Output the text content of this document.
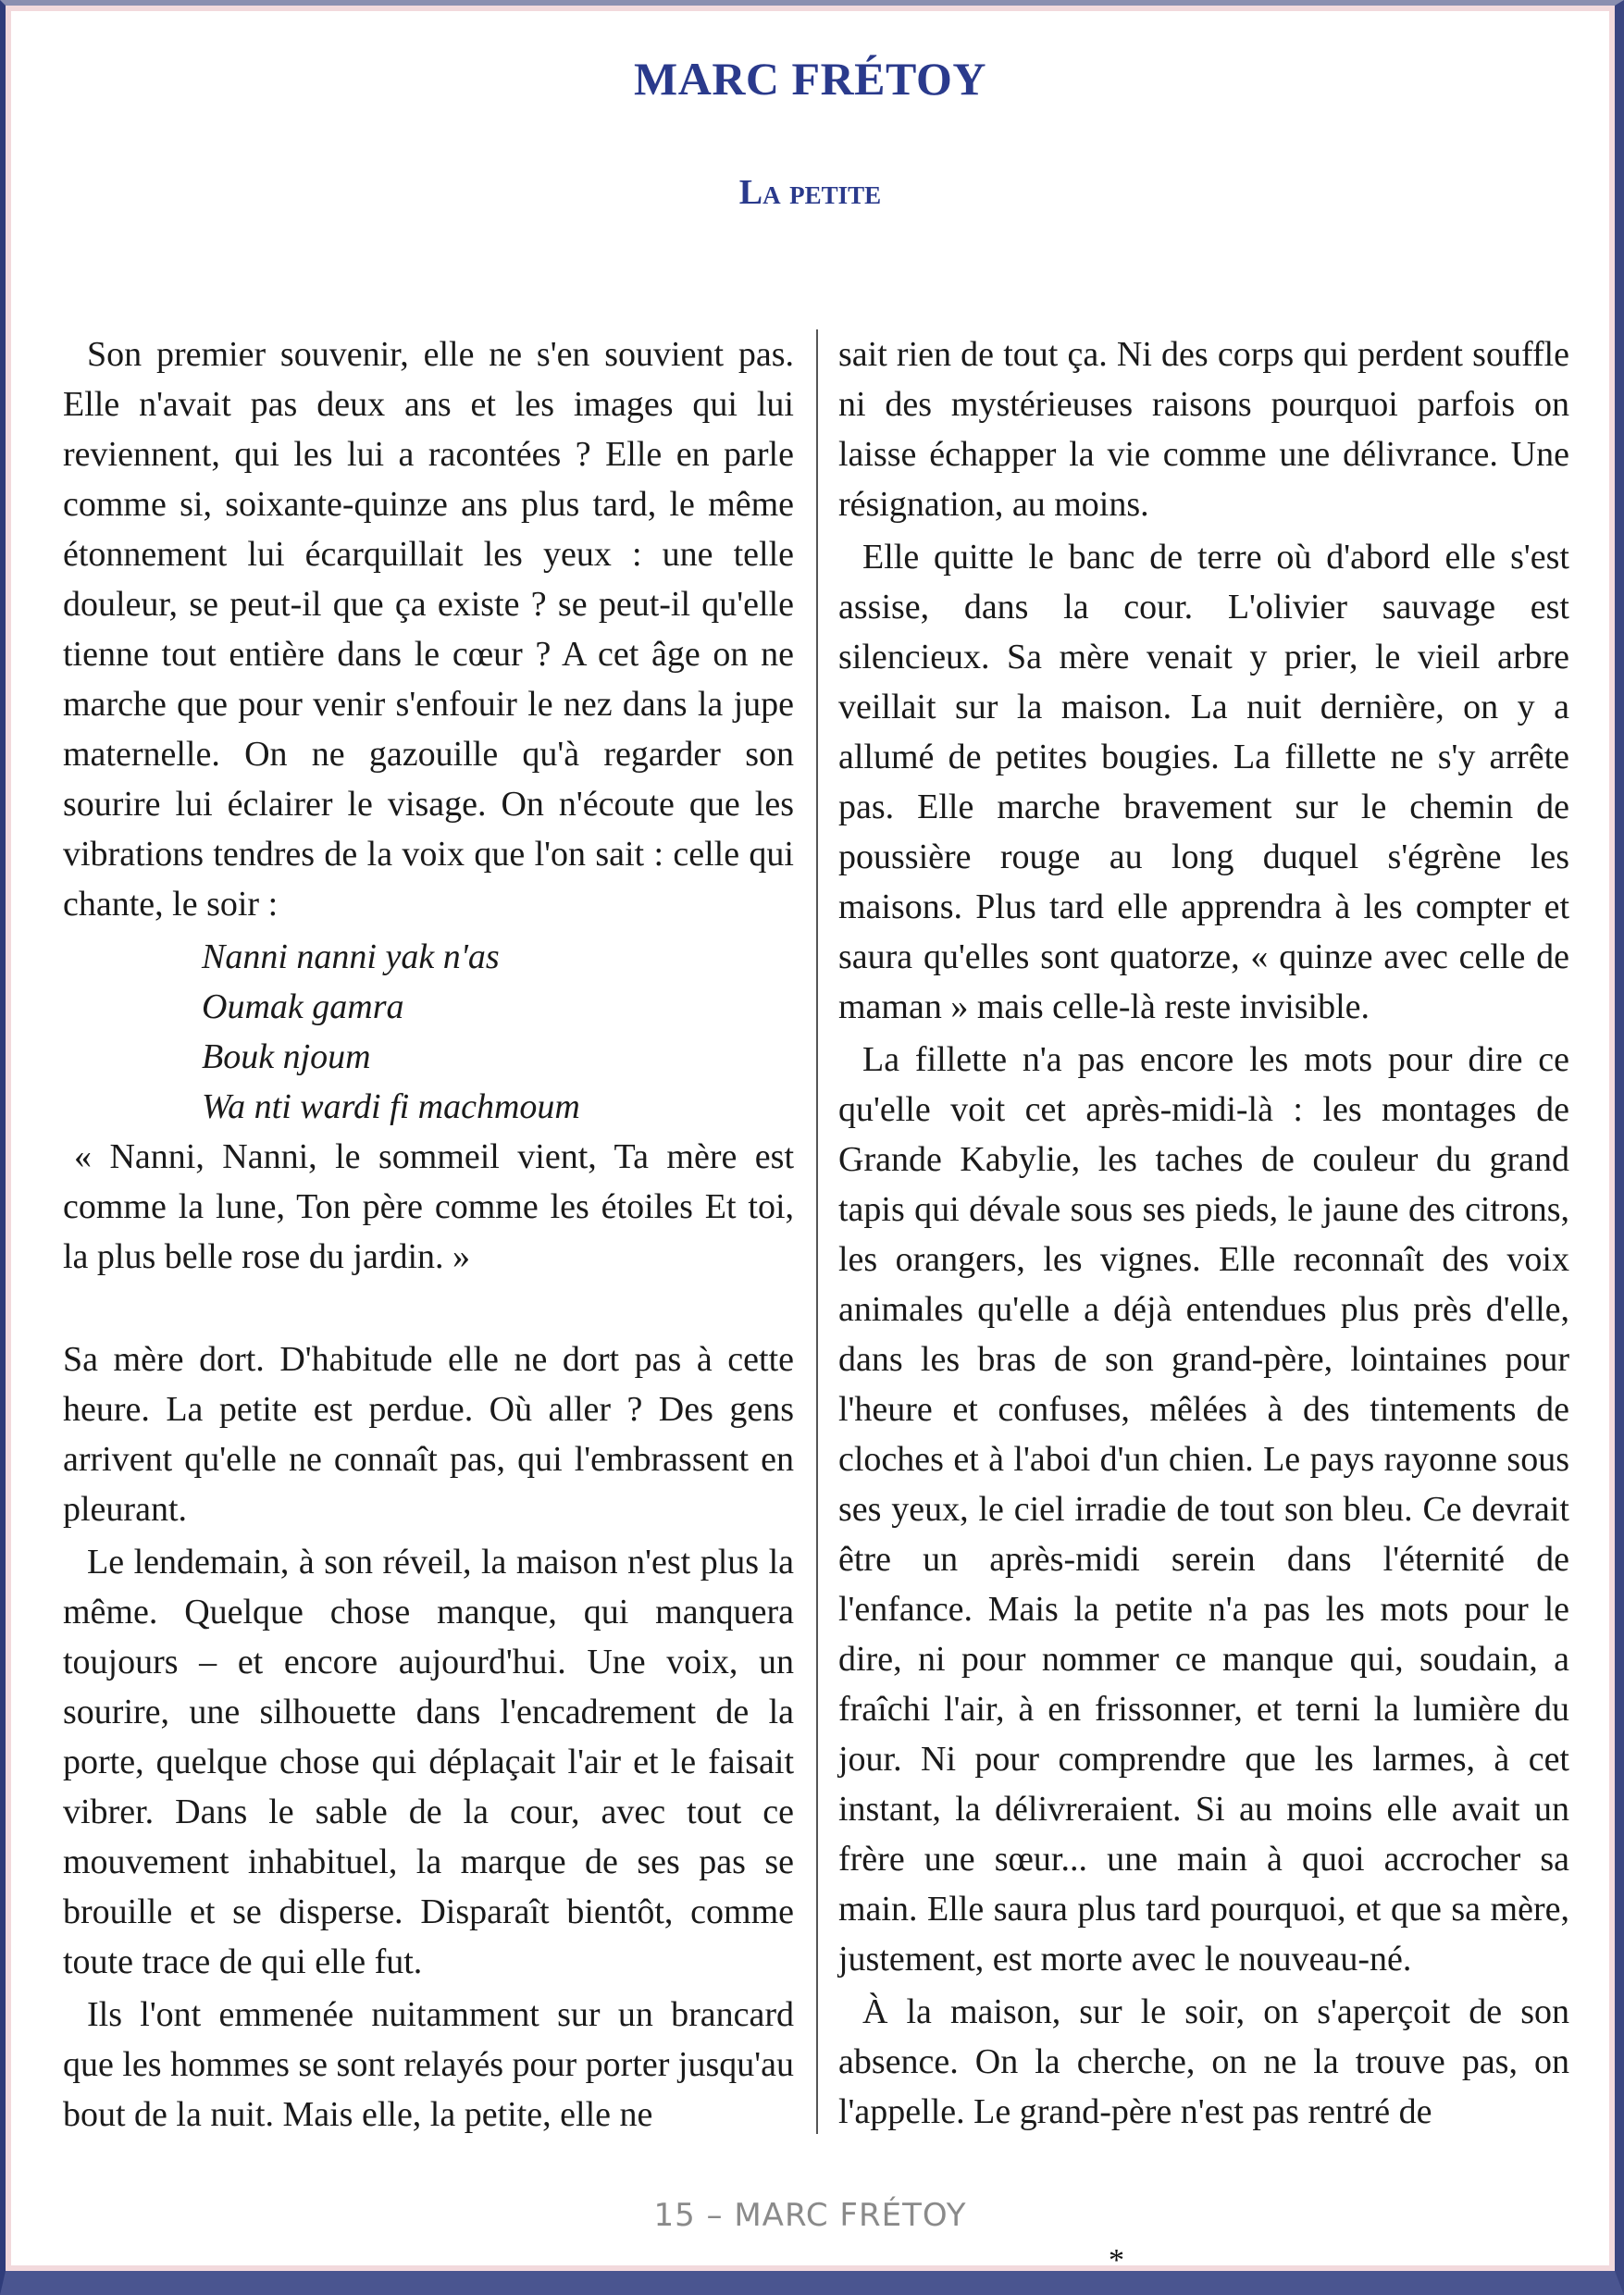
MARC FRÉTOY
La petite

Son premier souvenir, elle ne s'en souvient pas. Elle n'avait pas deux ans et les images qui lui reviennent, qui les lui a racontées ? Elle en parle comme si, soixante-quinze ans plus tard, le même étonnement lui écarquillait les yeux : une telle douleur, se peut-il que ça existe ? se peut-il qu'elle tienne tout entière dans le cœur ? A cet âge on ne marche que pour venir s'enfouir le nez dans la jupe maternelle. On ne gazouille qu'à regarder son sourire lui éclairer le visage. On n'écoute que les vibrations tendres de la voix que l'on sait : celle qui chante, le soir :

Nanni nanni yak n'as
Oumak gamra
Bouk njoum
Wa nti wardi fi machmoum

« Nanni, Nanni, le sommeil vient, Ta mère est comme la lune, Ton père comme les étoiles Et toi, la plus belle rose du jardin. »

Sa mère dort. D'habitude elle ne dort pas à cette heure. La petite est perdue. Où aller ? Des gens arrivent qu'elle ne connaît pas, qui l'embrassent en pleurant.

Le lendemain, à son réveil, la maison n'est plus la même. Quelque chose manque, qui manquera toujours – et encore aujourd'hui. Une voix, un sourire, une silhouette dans l'encadrement de la porte, quelque chose qui déplaçait l'air et le faisait vibrer. Dans le sable de la cour, avec tout ce mouvement inhabituel, la marque de ses pas se brouille et se disperse. Disparaît bientôt, comme toute trace de qui elle fut.

Ils l'ont emmenée nuitamment sur un brancard que les hommes se sont relayés pour porter jusqu'au bout de la nuit. Mais elle, la petite, elle ne

sait rien de tout ça. Ni des corps qui perdent souffle ni des mystérieuses raisons pourquoi parfois on laisse échapper la vie comme une délivrance. Une résignation, au moins.

Elle quitte le banc de terre où d'abord elle s'est assise, dans la cour. L'olivier sauvage est silencieux. Sa mère venait y prier, le vieil arbre veillait sur la maison. La nuit dernière, on y a allumé de petites bougies. La fillette ne s'y arrête pas. Elle marche bravement sur le chemin de poussière rouge au long duquel s'égrène les maisons. Plus tard elle apprendra à les compter et saura qu'elles sont quatorze, « quinze avec celle de maman » mais celle-là reste invisible.

La fillette n'a pas encore les mots pour dire ce qu'elle voit cet après-midi-là : les montages de Grande Kabylie, les taches de couleur du grand tapis qui dévale sous ses pieds, le jaune des citrons, les orangers, les vignes. Elle reconnaît des voix animales qu'elle a déjà entendues plus près d'elle, dans les bras de son grand-père, lointaines pour l'heure et confuses, mêlées à des tintements de cloches et à l'aboi d'un chien. Le pays rayonne sous ses yeux, le ciel irradie de tout son bleu. Ce devrait être un après-midi serein dans l'éternité de l'enfance. Mais la petite n'a pas les mots pour le dire, ni pour nommer ce manque qui, soudain, a fraîchi l'air, à en frissonner, et terni la lumière du jour. Ni pour comprendre que les larmes, à cet instant, la délivreraient. Si au moins elle avait un frère une sœur... une main à quoi accrocher sa main. Elle saura plus tard pourquoi, et que sa mère, justement, est morte avec le nouveau-né.

À la maison, sur le soir, on s'aperçoit de son absence. On la cherche, on ne la trouve pas, on l'appelle. Le grand-père n'est pas rentré de

15 – MARC FRÉTOY
*
